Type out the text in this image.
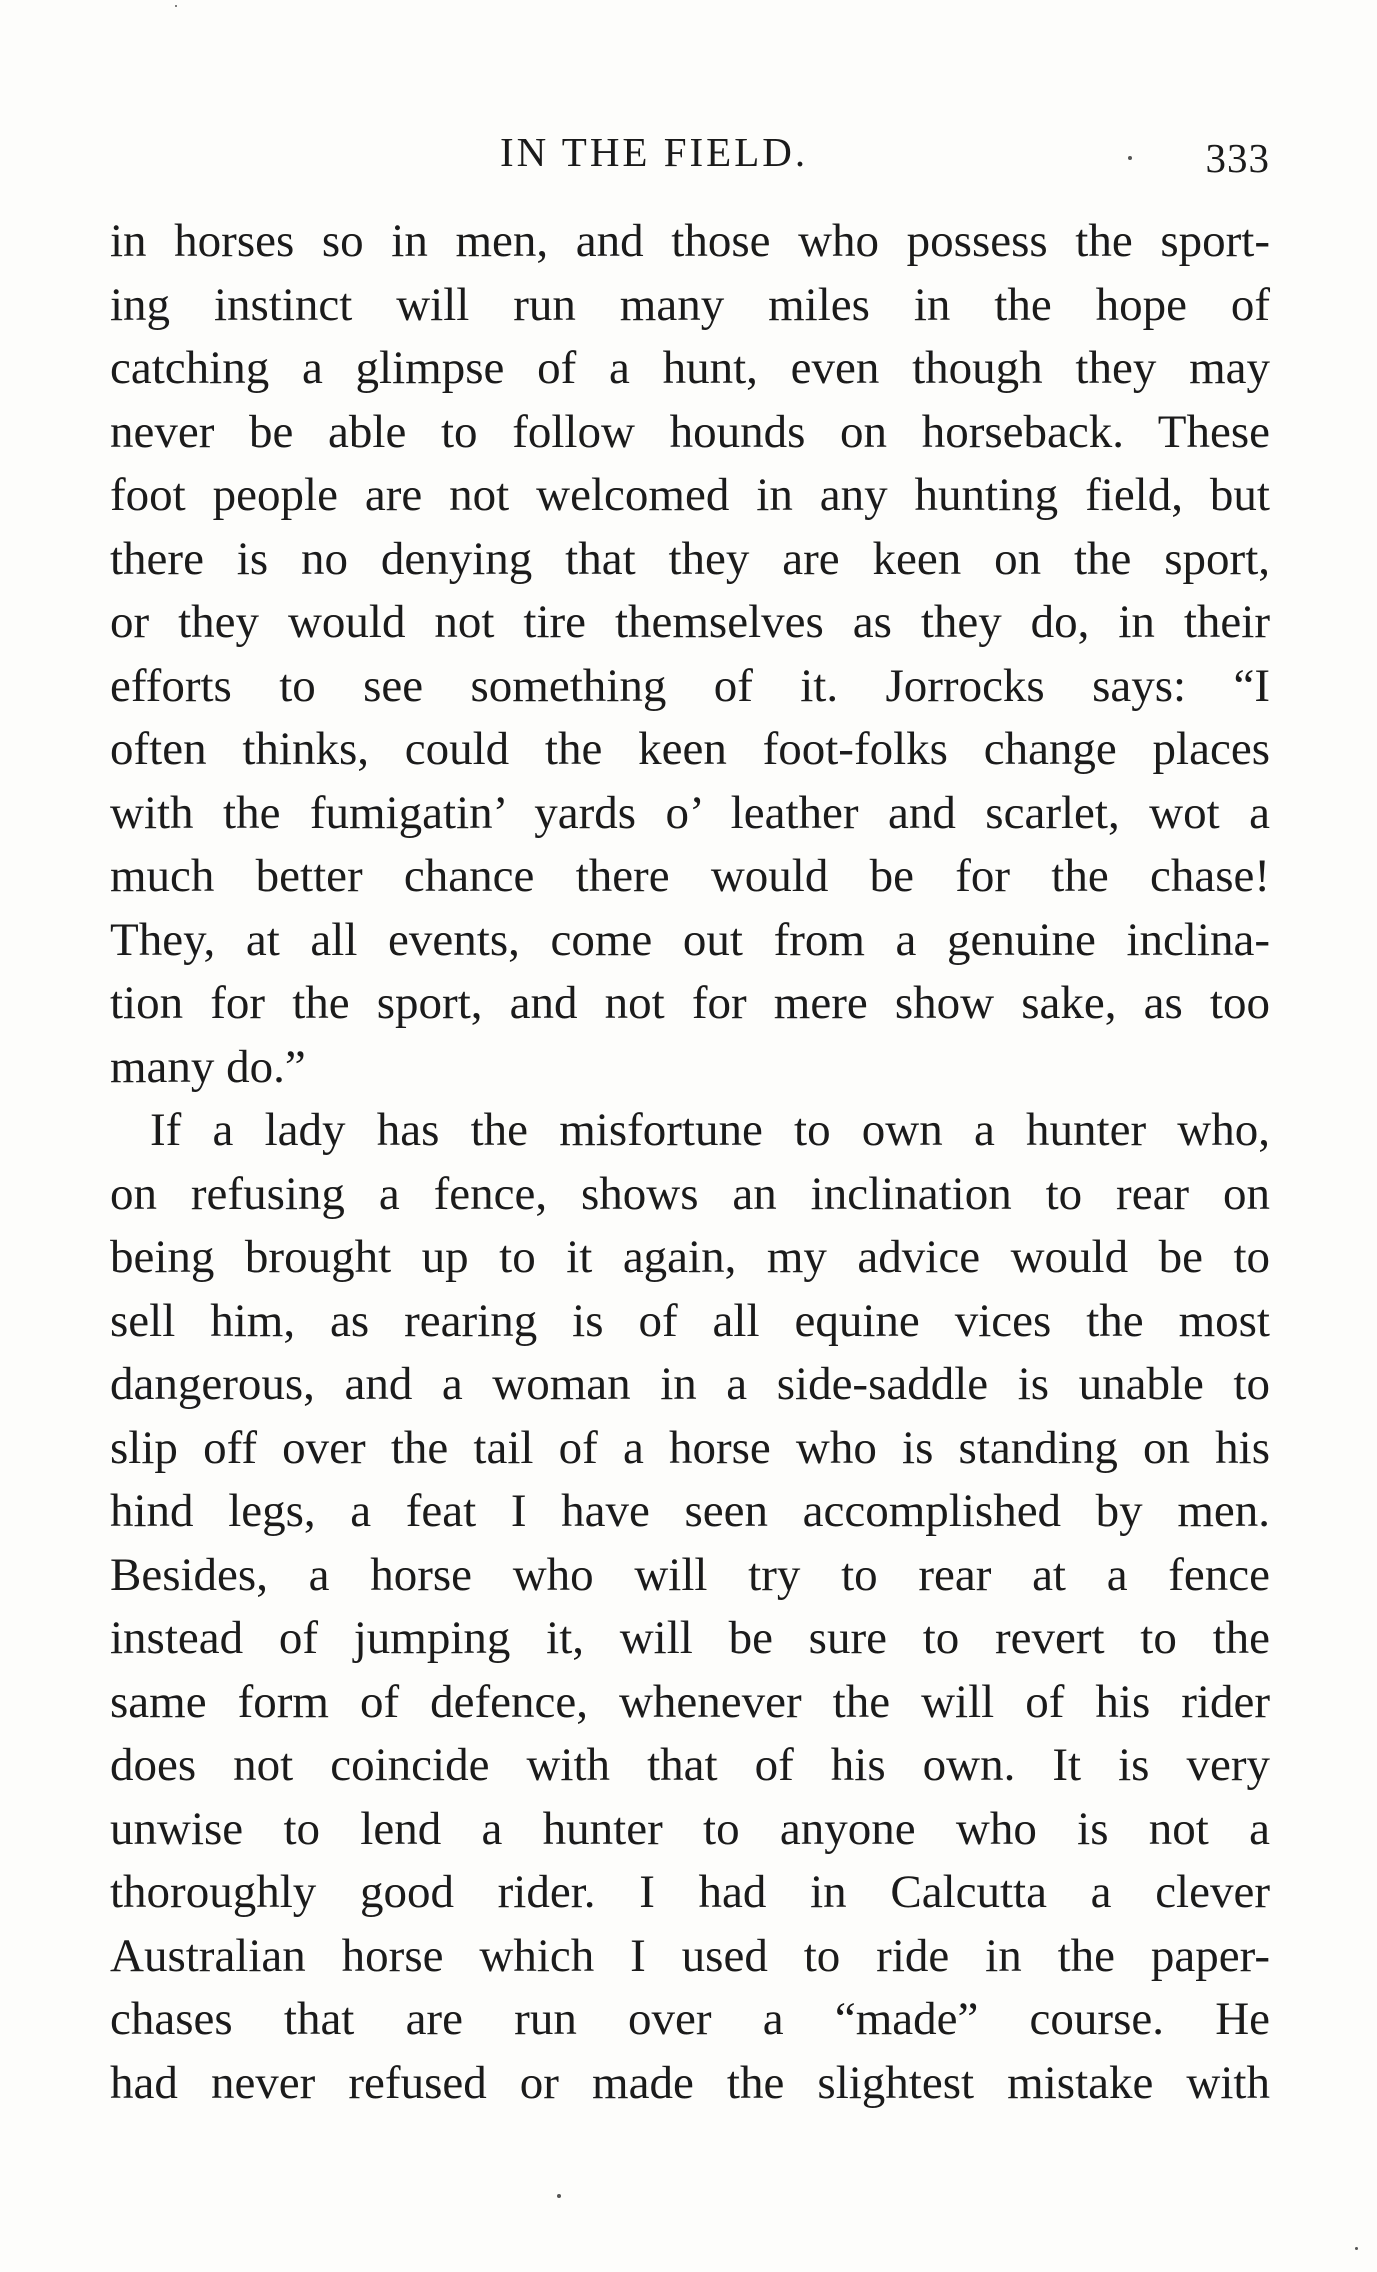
IN THE FIELD.	333
in horses so in men, and those who possess the sport-
ing instinct will run many miles in the hope of
catching a glimpse of a hunt, even though they may
never be able to follow hounds on horseback. These
foot people are not welcomed in any hunting field, but
there is no denying that they are keen on the sport,
or they would not tire themselves as they do, in their
efforts to see something of it. Jorrocks says: “I
often thinks, could the keen foot-folks change places
with the fumigatin’ yards o’ leather and scarlet, wot a
much better chance there would be for the chase!
They, at all events, come out from a genuine inclina-
tion for the sport, and not for mere show sake, as too
many do.”
If a lady has the misfortune to own a hunter who,
on refusing a fence, shows an inclination to rear on
being brought up to it again, my advice would be to
sell him, as rearing is of all equine vices the most
dangerous, and a woman in a side-saddle is unable to
slip off over the tail of a horse who is standing on his
hind legs, a feat I have seen accomplished by men.
Besides, a horse who will try to rear at a fence
instead of jumping it, will be sure to revert to the
same form of defence, whenever the will of his rider
does not coincide with that of his own. It is very
unwise to lend a hunter to anyone who is not a
thoroughly good rider. I had in Calcutta a clever
Australian horse which I used to ride in the paper-
chases that are run over a “made” course. He
had never refused or made the slightest mistake with
